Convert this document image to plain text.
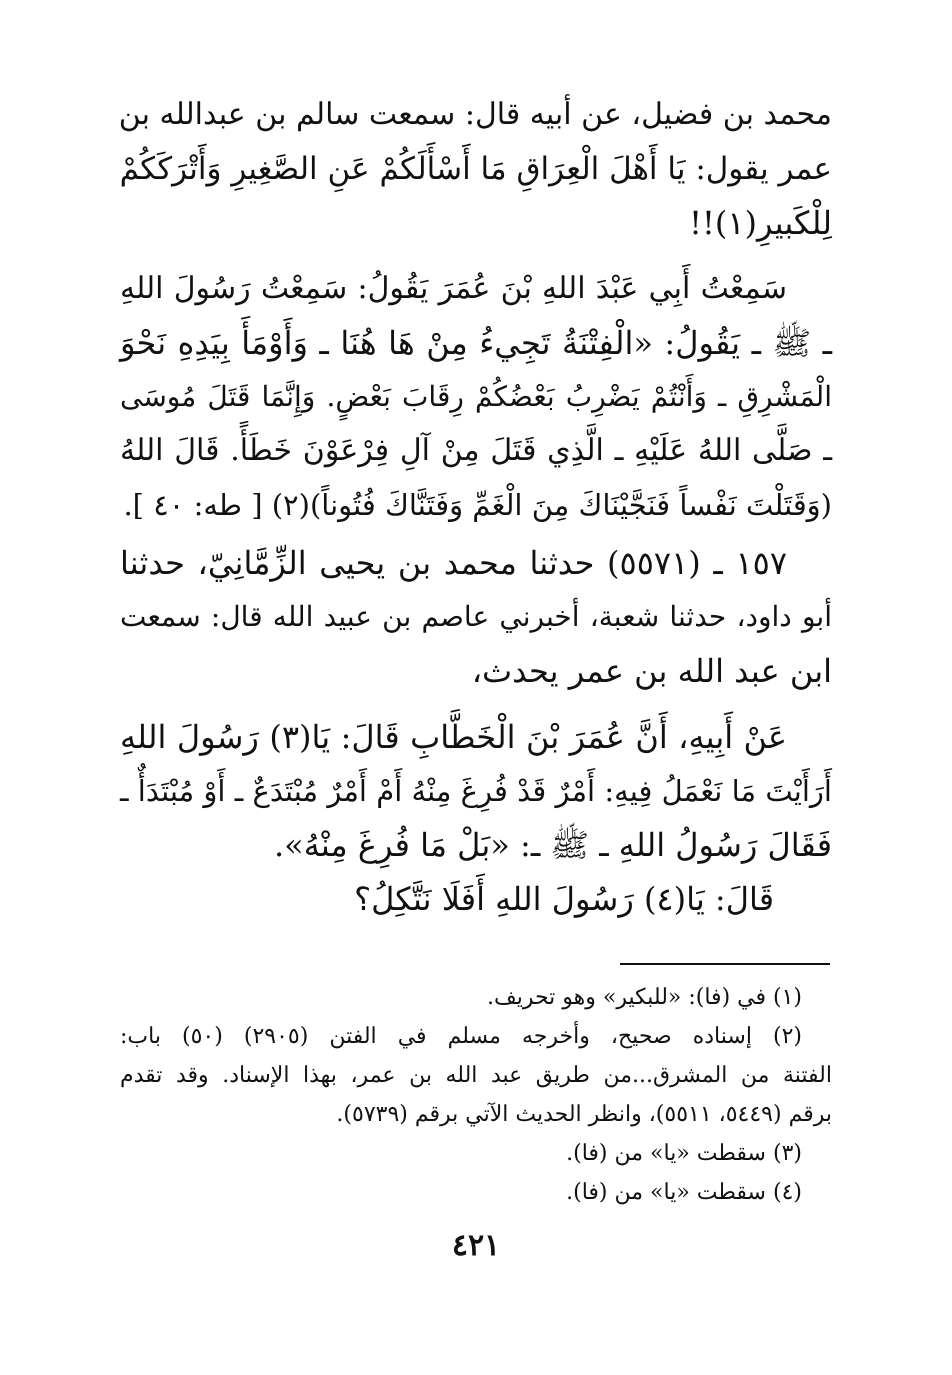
محمد بن فضيل، عن أبيه قال: سمعت سالم بن عبدالله بن
عمر يقول: يَا أَهْلَ الْعِرَاقِ مَا أَسْأَلَكُمْ عَنِ الصَّغِيرِ وَأَتْرَكَكُمْ
لِلْكَبيرِ(١)!!
سَمِعْتُ أَبِي عَبْدَ اللهِ بْنَ عُمَرَ يَقُولُ: سَمِعْتُ رَسُولَ اللهِ
ـ ﷺ ـ يَقُولُ: «الْفِتْنَةُ تَجِيءُ مِنْ هَا هُنَا ـ وَأَوْمَأَ بِيَدِهِ نَحْوَ
الْمَشْرِقِ ـ وَأَنْتُمْ يَضْرِبُ بَعْضُكُمْ رِقَابَ بَعْضٍ. وَإِنَّمَا قَتَلَ مُوسَى
ـ صَلَّى اللهُ عَلَيْهِ ـ الَّذِي قَتَلَ مِنْ آلِ فِرْعَوْنَ خَطَأً. قَالَ اللهُ
(وَقَتَلْتَ نَفْساً فَنَجَّيْنَاكَ مِنَ الْغَمِّ وَفَتَنَّاكَ فُتُوناً)(٢) [ طه: ٤٠ ].
١٥٧ ـ (٥٥٧١) حدثنا محمد بن يحيى الزِّمَّانِيّ، حدثنا
أبو داود، حدثنا شعبة، أخبرني عاصم بن عبيد الله قال: سمعت
ابن عبد الله بن عمر يحدث،
عَنْ أَبِيهِ، أَنَّ عُمَرَ بْنَ الْخَطَّابِ قَالَ: يَا(٣) رَسُولَ اللهِ
أَرَأَيْتَ مَا نَعْمَلُ فِيهِ: أَمْرٌ قَدْ فُرِغَ مِنْهُ أَمْ أَمْرٌ مُبْتَدَعٌ ـ أَوْ مُبْتَدَأٌ ـ
فَقَالَ رَسُولُ اللهِ ـ ﷺ ـ: «بَلْ مَا فُرِغَ مِنْهُ».
قَالَ: يَا(٤) رَسُولَ اللهِ أَفَلَا نَتَّكِلُ؟
(١) في (فا): «للبكير» وهو تحريف.
(٢) إسناده صحيح، وأخرجه مسلم في الفتن (٢٩٠٥) (٥٠) باب:
الفتنة من المشرق...من طريق عبد الله بن عمر، بهذا الإسناد. وقد تقدم
برقم (٥٤٤٩، ٥٥١١)، وانظر الحديث الآتي برقم (٥٧٣٩).
(٣) سقطت «يا» من (فا).
(٤) سقطت «يا» من (فا).
٤٢١
